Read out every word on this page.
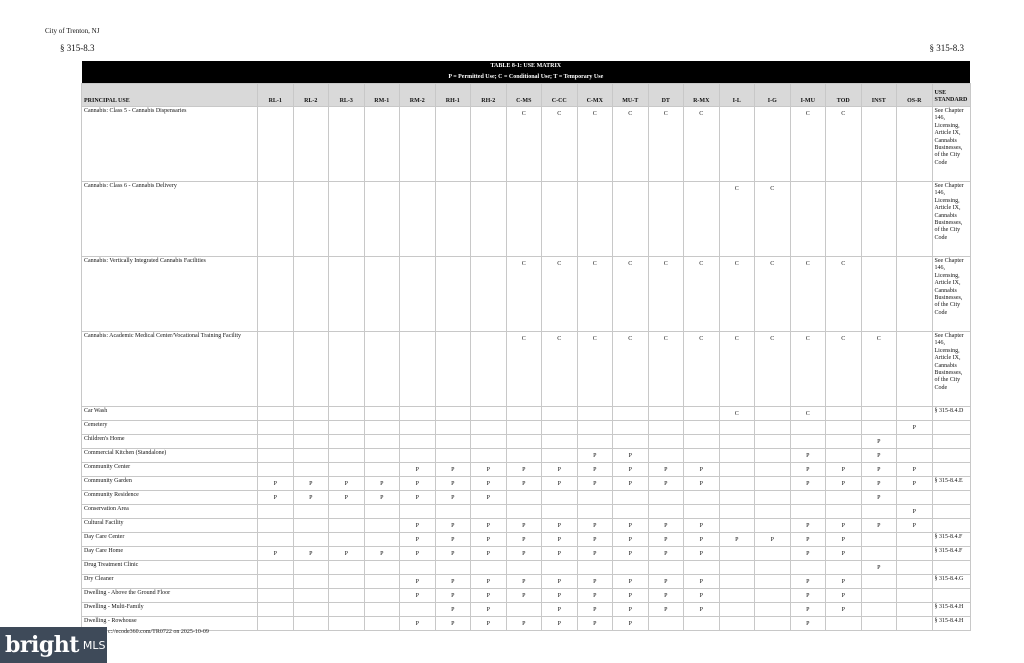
City of Trenton, NJ
§ 315-8.3	§ 315-8.3
TABLE 8-1: USE MATRIX																				
P = Permitted Use; C = Conditional Use; T = Temporary Use																				
PRINCIPAL USE	RL-1	RL-2	RL-3	RM-1	RM-2	RH-1	RH-2	C-MS	C-CC	C-MX	MU-T	DT	R-MX	I-L	I-G	I-MU	TOD	INST	OS-R	USE STANDARD
Cannabis: Class 5 - Cannabis Dispensaries								C	C	C	C	C	C			C	C			See Chapter 146, Licensing, Article IX, Cannabis Businesses, of the City Code
Cannabis: Class 6 - Cannabis Delivery														C	C					See Chapter 146, Licensing, Article IX, Cannabis Businesses, of the City Code
Cannabis: Vertically Integrated Cannabis Facilities								C	C	C	C	C	C	C	C	C	C			See Chapter 146, Licensing, Article IX, Cannabis Businesses, of the City Code
Cannabis: Academic Medical Center/Vocational Training Facility								C	C	C	C	C	C	C	C	C	C	C		See Chapter 146, Licensing, Article IX, Cannabis Businesses, of the City Code
Car Wash														C		C				§ 315-8.4.D
Cemetery																			P	
Children's Home																		P		
Commercial Kitchen (Standalone)										P	P					P		P		
Community Center					P	P	P	P	P	P	P	P	P			P	P	P	P	
Community Garden	P	P	P	P	P	P	P	P	P	P	P	P	P			P	P	P	P	§ 315-8.4.E
Community Residence	P	P	P	P	P	P	P											P		
Conservation Area																			P	
Cultural Facility					P	P	P	P	P	P	P	P	P			P	P	P	P	
Day Care Center					P	P	P	P	P	P	P	P	P	P	P	P	P			§ 315-8.4.F
Day Care Home	P	P	P	P	P	P	P	P	P	P	P	P	P			P	P			§ 315-8.4.F
Drug Treatment Clinic																		P		
Dry Cleaner					P	P	P	P	P	P	P	P	P			P	P			§ 315-8.4.G
Dwelling - Above the Ground Floor					P	P	P	P	P	P	P	P	P			P	P			
Dwelling - Multi-Family						P	P		P	P	P	P	P			P	P			§ 315-8.4.H
Dwelling - Rowhouse					P	P	P	P	P	P	P					P				§ 315-8.4.H
bright MLS
c://ecode360.com/TR0722 on 2025-10-09
